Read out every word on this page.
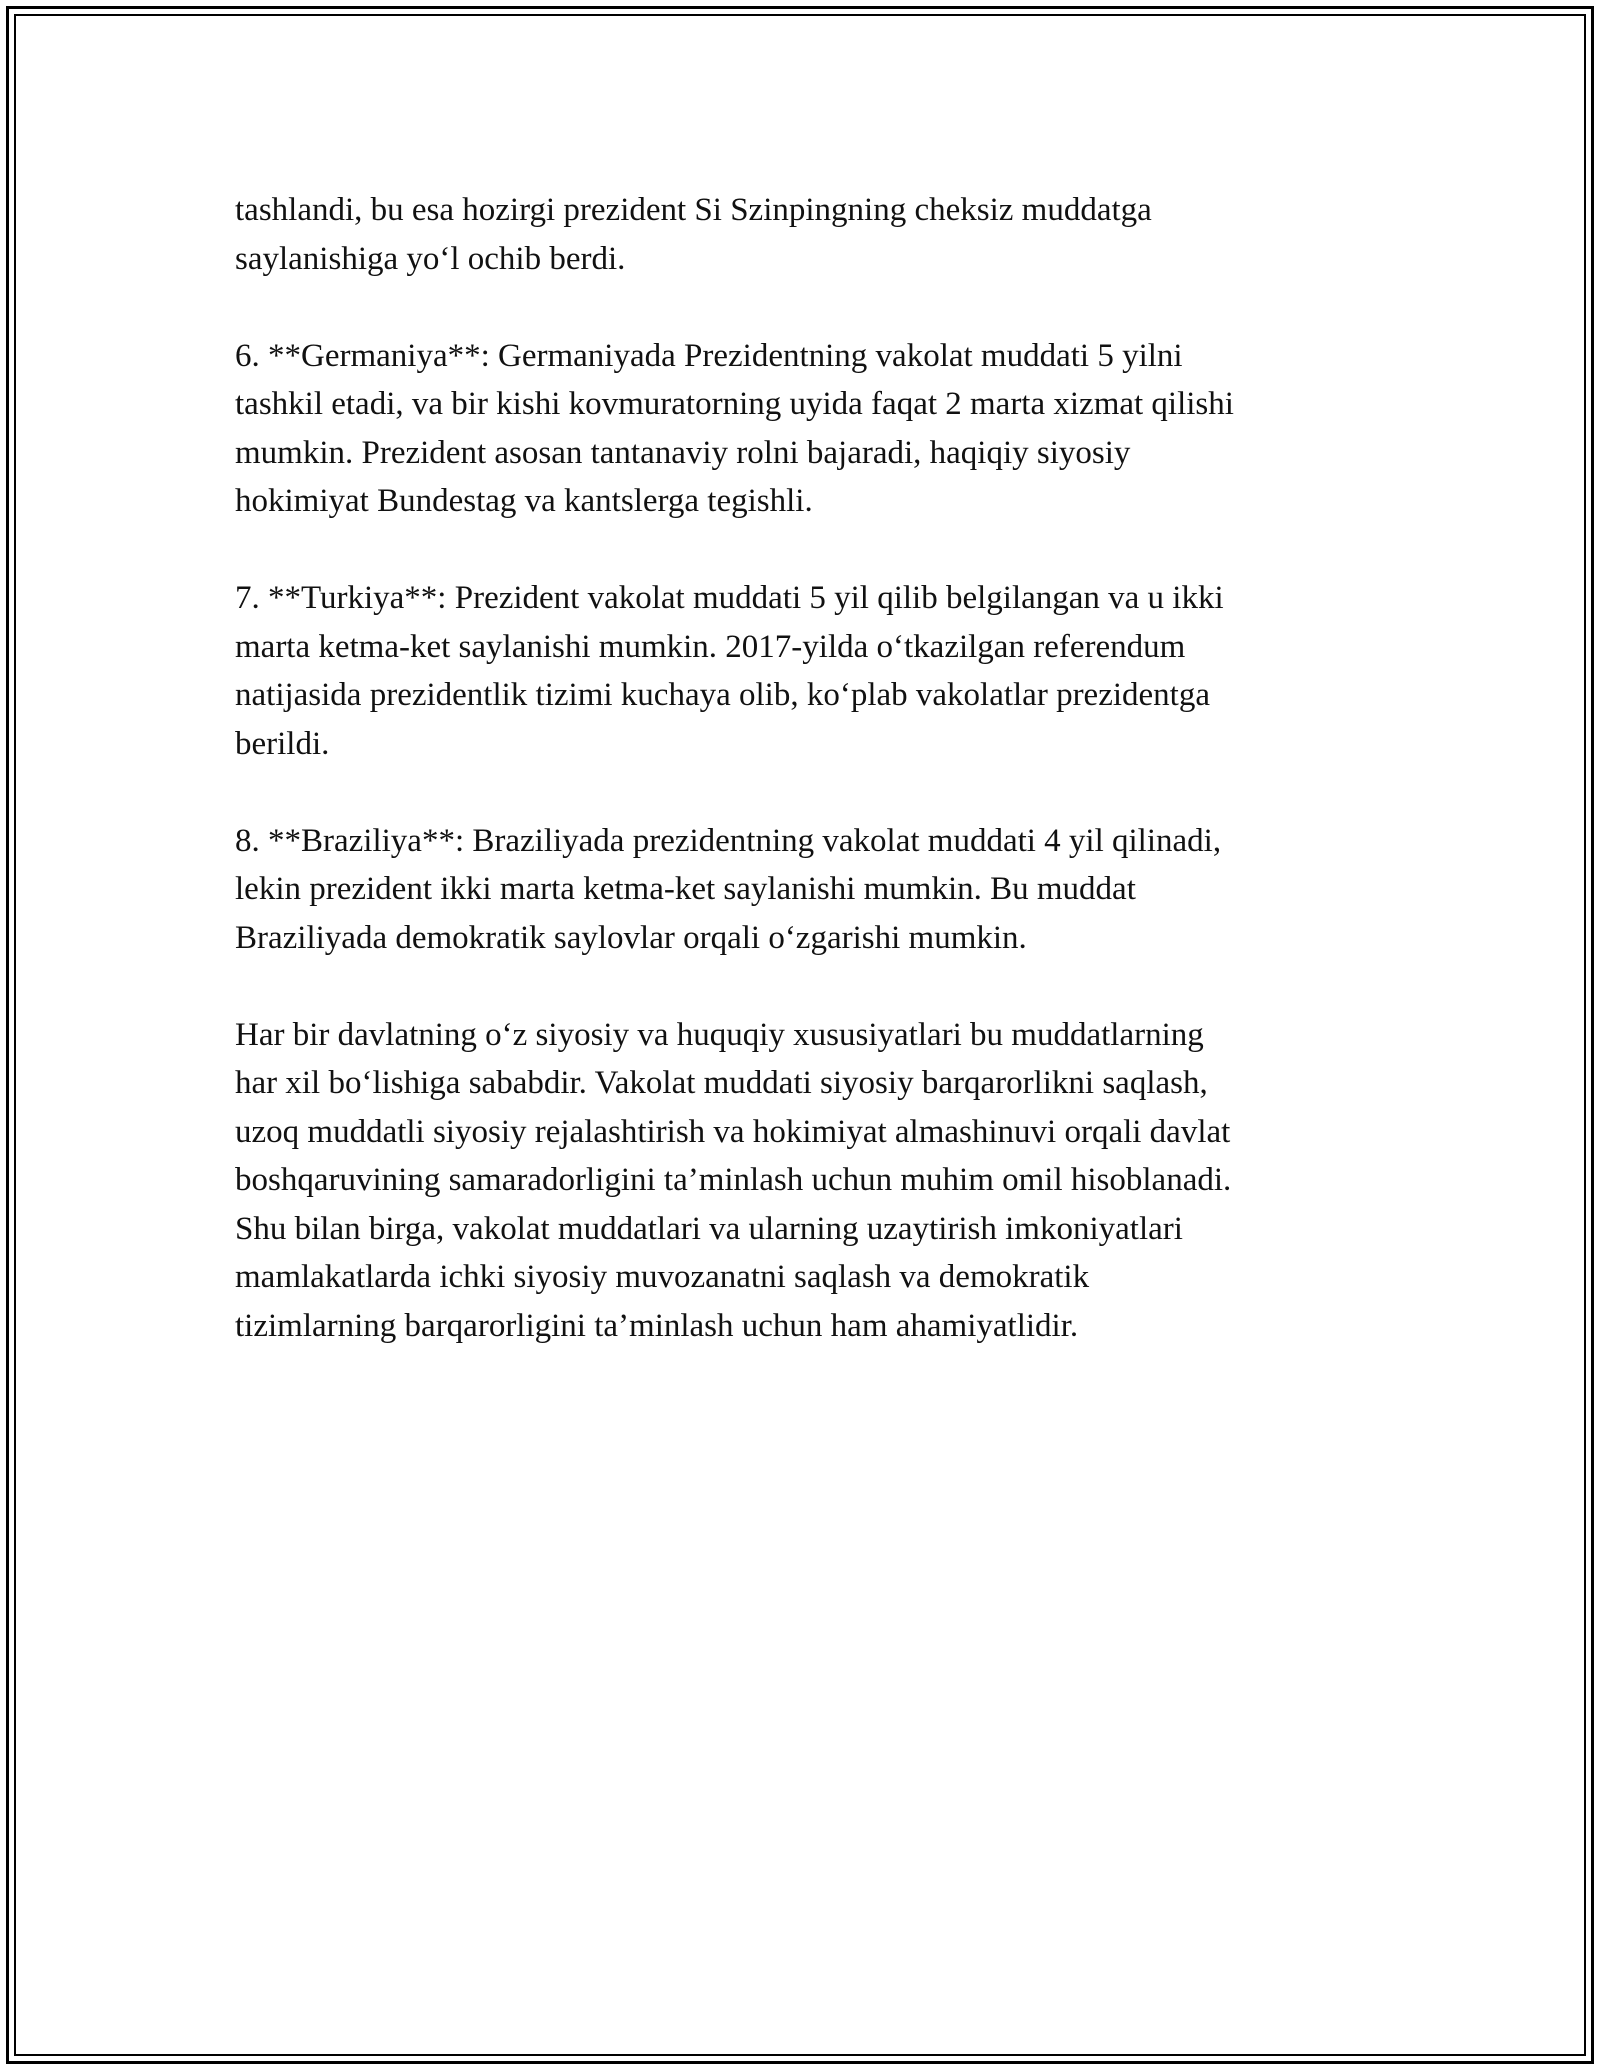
tashlandi, bu esa hozirgi prezident Si Szinpingning cheksiz muddatga
saylanishiga yo‘l ochib berdi.

6. **Germaniya**: Germaniyada Prezidentning vakolat muddati 5 yilni
tashkil etadi, va bir kishi kovmuratorning uyida faqat 2 marta xizmat qilishi
mumkin. Prezident asosan tantanaviy rolni bajaradi, haqiqiy siyosiy
hokimiyat Bundestag va kantslerga tegishli.

7. **Turkiya**: Prezident vakolat muddati 5 yil qilib belgilangan va u ikki
marta ketma-ket saylanishi mumkin. 2017-yilda o‘tkazilgan referendum
natijasida prezidentlik tizimi kuchaya olib, ko‘plab vakolatlar prezidentga
berildi.

8. **Braziliya**: Braziliyada prezidentning vakolat muddati 4 yil qilinadi,
lekin prezident ikki marta ketma-ket saylanishi mumkin. Bu muddat
Braziliyada demokratik saylovlar orqali o‘zgarishi mumkin.

Har bir davlatning o‘z siyosiy va huquqiy xususiyatlari bu muddatlarning
har xil bo‘lishiga sababdir. Vakolat muddati siyosiy barqarorlikni saqlash,
uzoq muddatli siyosiy rejalashtirish va hokimiyat almashinuvi orqali davlat
boshqaruvining samaradorligini ta’minlash uchun muhim omil hisoblanadi.
Shu bilan birga, vakolat muddatlari va ularning uzaytirish imkoniyatlari
mamlakatlarda ichki siyosiy muvozanatni saqlash va demokratik
tizimlarning barqarorligini ta’minlash uchun ham ahamiyatlidir.
